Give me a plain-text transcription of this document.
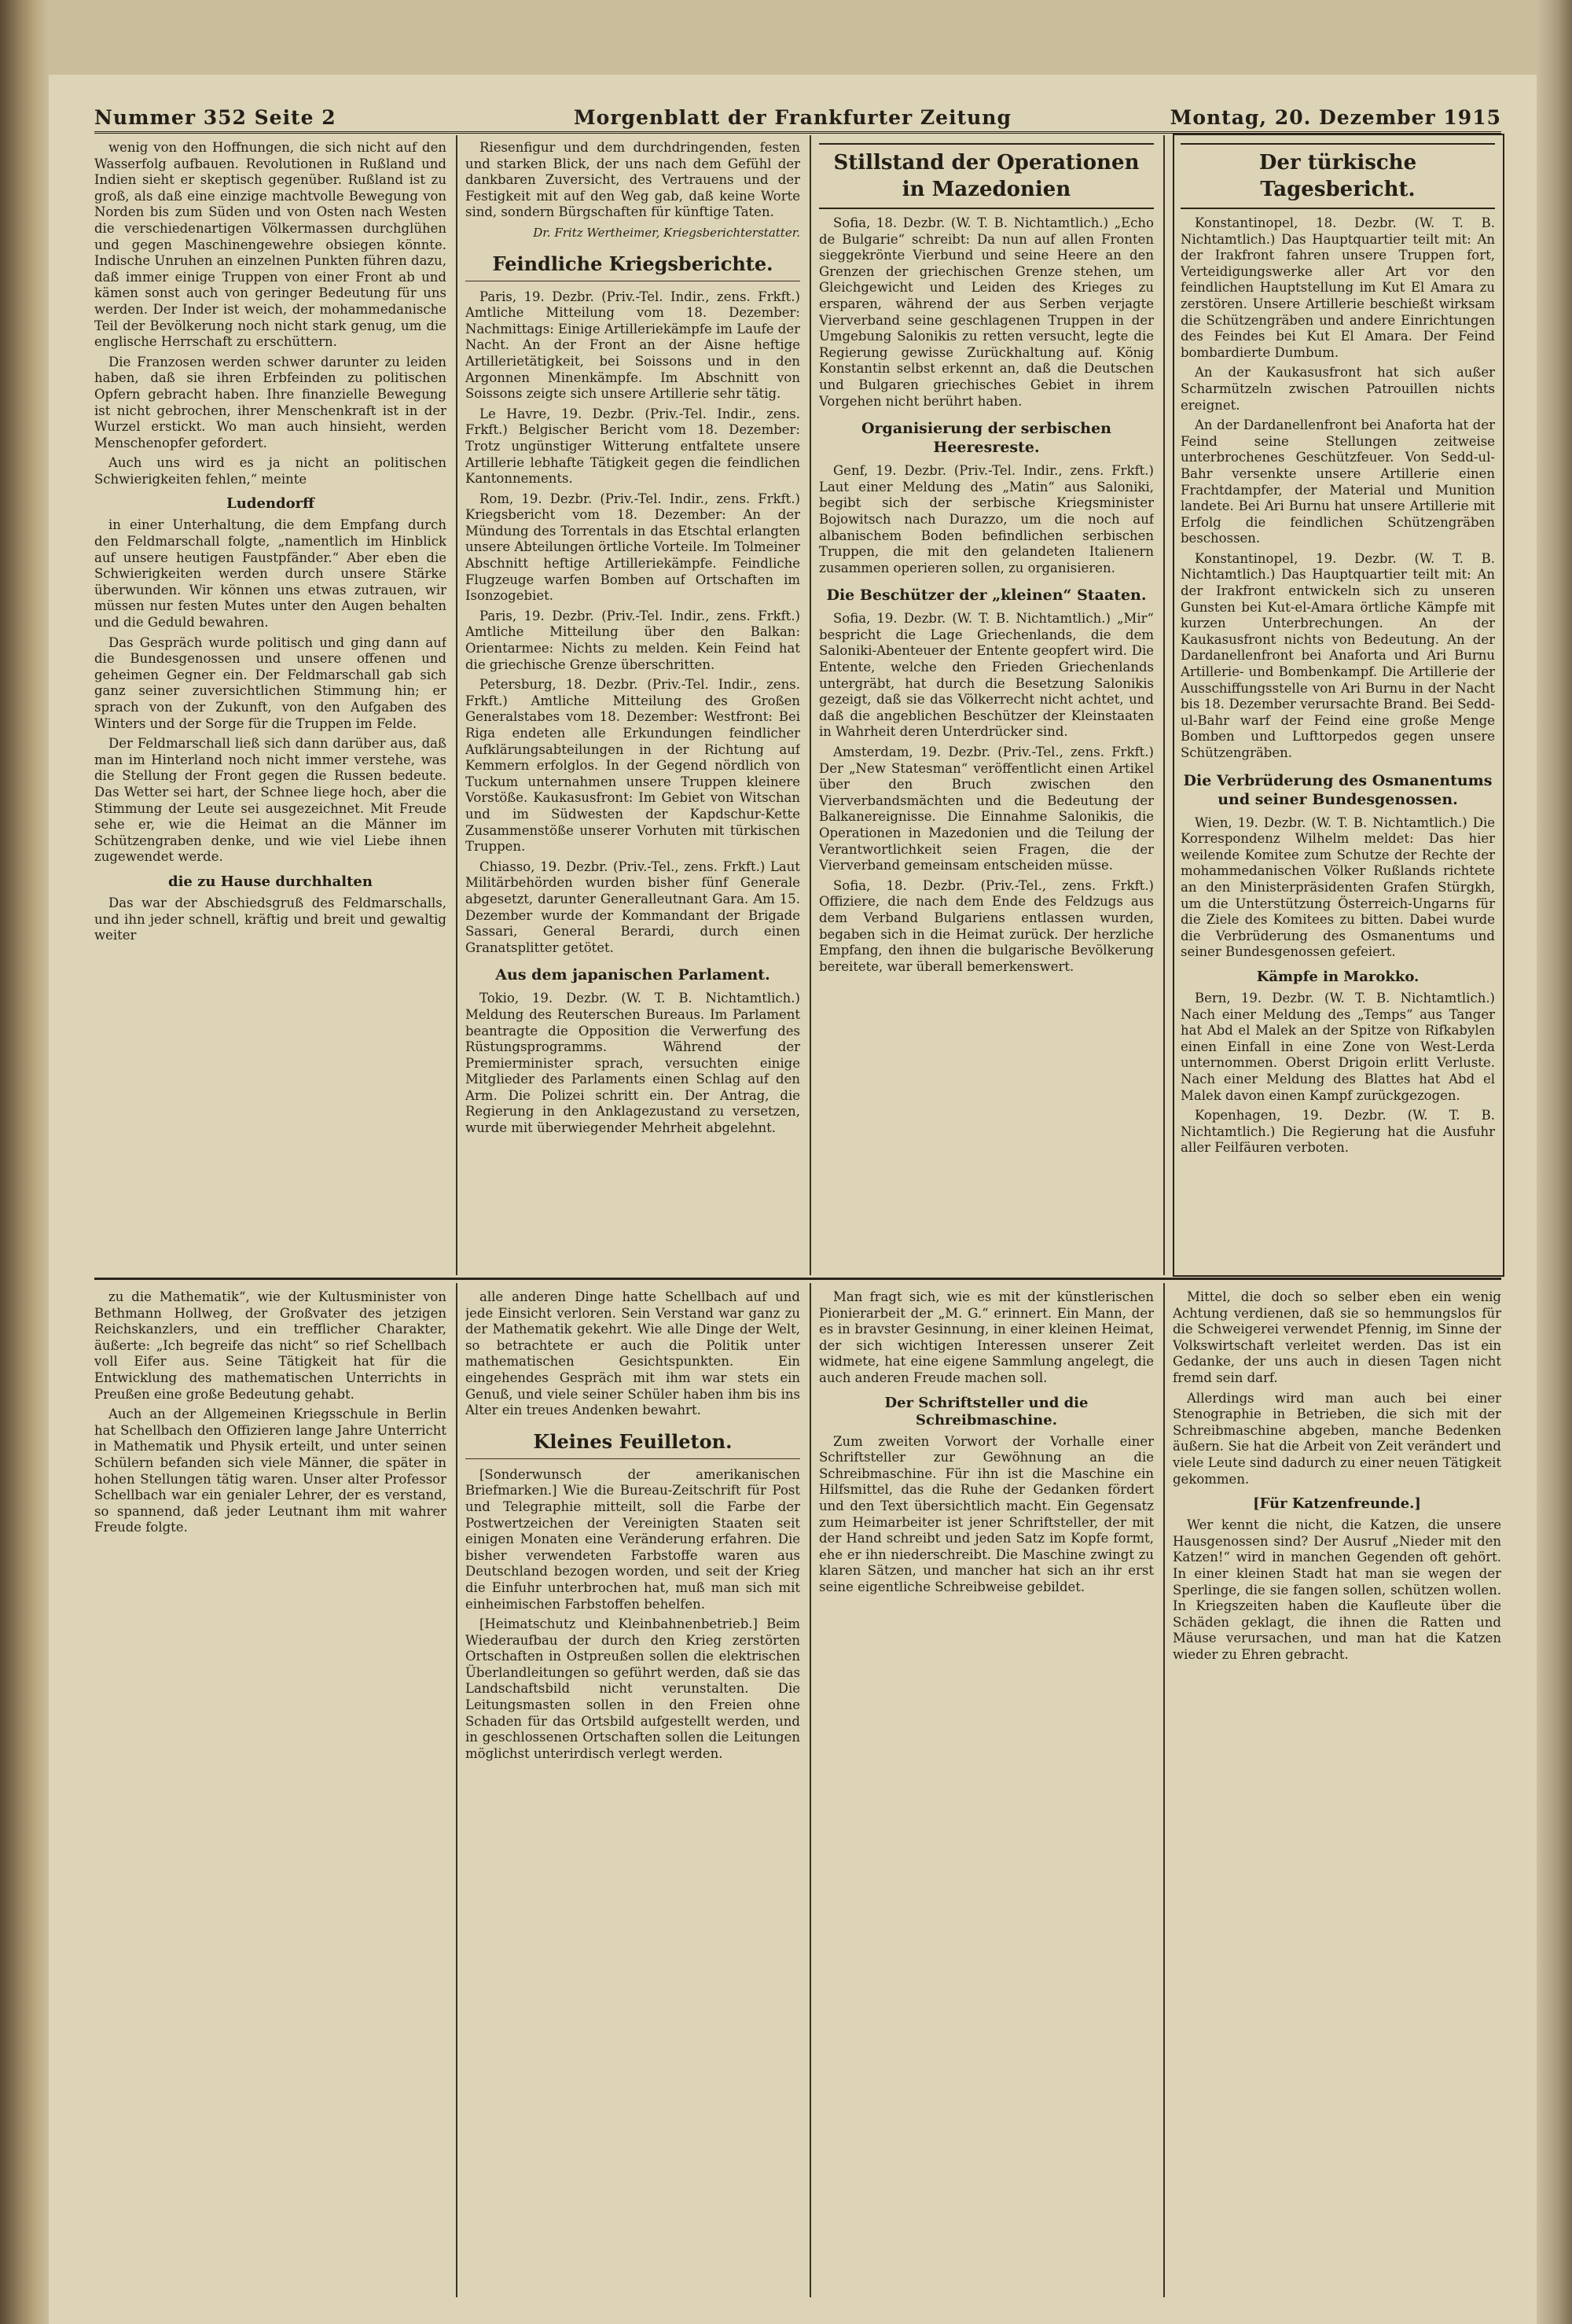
Nummer 352 Seite 2	Morgenblatt der Frankfurter Zeitung	Montag, 20. Dezember 1915

wenig von den Hoffnungen, die sich nicht auf den Wasserfolg aufbauen. Revolutionen in Rußland und Indien sieht er skeptisch gegenüber. Rußland ist zu groß, als daß eine einzige machtvolle Bewegung von Norden bis zum Süden und von Osten nach Westen die verschiedenartigen Völkermassen durchglühen und gegen Maschinengewehre obsiegen könnte. Indische Unruhen an einzelnen Punkten führen dazu, daß immer einige Truppen von einer Front ab und kämen sonst auch von geringer Bedeutung für uns werden. Der Inder ist weich, der mohammedanische Teil der Bevölkerung noch nicht stark genug, um die englische Herrschaft zu erschüttern.

Die Franzosen werden schwer darunter zu leiden haben, daß sie ihren Erbfeinden zu politischen Opfern gebracht haben. Ihre finanzielle Bewegung ist nicht gebrochen, ihrer Menschenkraft ist in der Wurzel erstickt. Wo man auch hinsieht, werden Menschenopfer gefordert.

Auch uns wird es ja nicht an politischen Schwierigkeiten fehlen,“ meinte

Ludendorff

in einer Unterhaltung, die dem Empfang durch den Feldmarschall folgte, „namentlich im Hinblick auf unsere heutigen Faustpfänder.“ Aber eben die Schwierigkeiten werden durch unsere Stärke überwunden. Wir können uns etwas zutrauen, wir müssen nur festen Mutes unter den Augen behalten und die Geduld bewahren.

Das Gespräch wurde politisch und ging dann auf die Bundesgenossen und unsere offenen und geheimen Gegner ein. Der Feldmarschall gab sich ganz seiner zuversichtlichen Stimmung hin; er sprach von der Zukunft, von den Aufgaben des Winters und der Sorge für die Truppen im Felde.

Der Feldmarschall ließ sich dann darüber aus, daß man im Hinterland noch nicht immer verstehe, was die Stellung der Front gegen die Russen bedeute. Das Wetter sei hart, der Schnee liege hoch, aber die Stimmung der Leute sei ausgezeichnet. Mit Freude sehe er, wie die Heimat an die Männer im Schützengraben denke, und wie viel Liebe ihnen zugewendet werde.

die zu Hause durchhalten

Das war der Abschiedsgruß des Feldmarschalls, und ihn jeder schnell, kräftig und breit und gewaltig weiter

Riesenfigur und dem durchdringenden, festen und starken Blick, der uns nach dem Gefühl der dankbaren Zuversicht, des Vertrauens und der Festigkeit mit auf den Weg gab, daß keine Worte sind, sondern Bürgschaften für künftige Taten.

Dr. Fritz Wertheimer, Kriegsberichterstatter.

Feindliche Kriegsberichte.

Paris, 19. Dezbr. (Priv.-Tel. Indir., zens. Frkft.) Amtliche Mitteilung vom 18. Dezember: Nachmittags: Einige Artilleriekämpfe im Laufe der Nacht. An der Front an der Aisne heftige Artillerietätigkeit, bei Soissons und in den Argonnen Minenkämpfe. Im Abschnitt von Soissons zeigte sich unsere Artillerie sehr tätig.

Le Havre, 19. Dezbr. (Priv.-Tel. Indir., zens. Frkft.) Belgischer Bericht vom 18. Dezember: Trotz ungünstiger Witterung entfaltete unsere Artillerie lebhafte Tätigkeit gegen die feindlichen Kantonnements.

Rom, 19. Dezbr. (Priv.-Tel. Indir., zens. Frkft.) Kriegsbericht vom 18. Dezember: An der Mündung des Torrentals in das Etschtal erlangten unsere Abteilungen örtliche Vorteile. Im Tolmeiner Abschnitt heftige Artilleriekämpfe. Feindliche Flugzeuge warfen Bomben auf Ortschaften im Isonzogebiet.

Paris, 19. Dezbr. (Priv.-Tel. Indir., zens. Frkft.) Amtliche Mitteilung über den Balkan: Orientarmee: Nichts zu melden. Kein Feind hat die griechische Grenze überschritten.

Petersburg, 18. Dezbr. (Priv.-Tel. Indir., zens. Frkft.) Amtliche Mitteilung des Großen Generalstabes vom 18. Dezember: Westfront: Bei Riga endeten alle Erkundungen feindlicher Aufklärungsabteilungen in der Richtung auf Kemmern erfolglos. In der Gegend nördlich von Tuckum unternahmen unsere Truppen kleinere Vorstöße. Kaukasusfront: Im Gebiet von Witschan und im Südwesten der Kapdschur-Kette Zusammenstöße unserer Vorhuten mit türkischen Truppen.

Chiasso, 19. Dezbr. (Priv.-Tel., zens. Frkft.) Laut Militärbehörden wurden bisher fünf Generale abgesetzt, darunter Generalleutnant Gara. Am 15. Dezember wurde der Kommandant der Brigade Sassari, General Berardi, durch einen Granatsplitter getötet.

Aus dem japanischen Parlament.

Tokio, 19. Dezbr. (W. T. B. Nichtamtlich.) Meldung des Reuterschen Bureaus. Im Parlament beantragte die Opposition die Verwerfung des Rüstungsprogramms. Während der Premierminister sprach, versuchten einige Mitglieder des Parlaments einen Schlag auf den Arm. Die Polizei schritt ein. Der Antrag, die Regierung in den Anklagezustand zu versetzen, wurde mit überwiegender Mehrheit abgelehnt.

Stillstand der Operationen in Mazedonien

Sofia, 18. Dezbr. (W. T. B. Nichtamtlich.) „Echo de Bulgarie“ schreibt: Da nun auf allen Fronten sieggekrönte Vierbund und seine Heere an den Grenzen der griechischen Grenze stehen, um Gleichgewicht und Leiden des Krieges zu ersparen, während der aus Serben verjagte Vierverband seine geschlagenen Truppen in der Umgebung Salonikis zu retten versucht, legte die Regierung gewisse Zurückhaltung auf. König Konstantin selbst erkennt an, daß die Deutschen und Bulgaren griechisches Gebiet in ihrem Vorgehen nicht berührt haben.

Organisierung der serbischen Heeresreste.

Genf, 19. Dezbr. (Priv.-Tel. Indir., zens. Frkft.) Laut einer Meldung des „Matin“ aus Saloniki, begibt sich der serbische Kriegsminister Bojowitsch nach Durazzo, um die noch auf albanischem Boden befindlichen serbischen Truppen, die mit den gelandeten Italienern zusammen operieren sollen, zu organisieren.

Die Beschützer der „kleinen“ Staaten.

Sofia, 19. Dezbr. (W. T. B. Nichtamtlich.) „Mir“ bespricht die Lage Griechenlands, die dem Saloniki-Abenteuer der Entente geopfert wird. Die Entente, welche den Frieden Griechenlands untergräbt, hat durch die Besetzung Salonikis gezeigt, daß sie das Völkerrecht nicht achtet, und daß die angeblichen Beschützer der Kleinstaaten in Wahrheit deren Unterdrücker sind.

Amsterdam, 19. Dezbr. (Priv.-Tel., zens. Frkft.) Der „New Statesman“ veröffentlicht einen Artikel über den Bruch zwischen den Vierverbandsmächten und die Bedeutung der Balkanereignisse. Die Einnahme Salonikis, die Operationen in Mazedonien und die Teilung der Verantwortlichkeit seien Fragen, die der Vierverband gemeinsam entscheiden müsse.

Sofia, 18. Dezbr. (Priv.-Tel., zens. Frkft.) Offiziere, die nach dem Ende des Feldzugs aus dem Verband Bulgariens entlassen wurden, begaben sich in die Heimat zurück. Der herzliche Empfang, den ihnen die bulgarische Bevölkerung bereitete, war überall bemerkenswert.

Der türkische Tagesbericht.

Konstantinopel, 18. Dezbr. (W. T. B. Nichtamtlich.) Das Hauptquartier teilt mit: An der Irakfront fahren unsere Truppen fort, Verteidigungswerke aller Art vor den feindlichen Hauptstellung im Kut El Amara zu zerstören. Unsere Artillerie beschießt wirksam die Schützengräben und andere Einrichtungen des Feindes bei Kut El Amara. Der Feind bombardierte Dumbum.

An der Kaukasusfront hat sich außer Scharmützeln zwischen Patrouillen nichts ereignet.

An der Dardanellenfront bei Anaforta hat der Feind seine Stellungen zeitweise unterbrochenes Geschützfeuer. Von Sedd-ul-Bahr versenkte unsere Artillerie einen Frachtdampfer, der Material und Munition landete. Bei Ari Burnu hat unsere Artillerie mit Erfolg die feindlichen Schützengräben beschossen.

Konstantinopel, 19. Dezbr. (W. T. B. Nichtamtlich.) Das Hauptquartier teilt mit: An der Irakfront entwickeln sich zu unseren Gunsten bei Kut-el-Amara örtliche Kämpfe mit kurzen Unterbrechungen. An der Kaukasusfront nichts von Bedeutung. An der Dardanellenfront bei Anaforta und Ari Burnu Artillerie- und Bombenkampf. Die Artillerie der Ausschiffungsstelle von Ari Burnu in der Nacht bis 18. Dezember verursachte Brand. Bei Sedd-ul-Bahr warf der Feind eine große Menge Bomben und Lufttorpedos gegen unsere Schützengräben.

Die Verbrüderung des Osmanentums und seiner Bundesgenossen.

Wien, 19. Dezbr. (W. T. B. Nichtamtlich.) Die Korrespondenz Wilhelm meldet: Das hier weilende Komitee zum Schutze der Rechte der mohammedanischen Völker Rußlands richtete an den Ministerpräsidenten Grafen Stürgkh, um die Unterstützung Österreich-Ungarns für die Ziele des Komitees zu bitten. Dabei wurde die Verbrüderung des Osmanentums und seiner Bundesgenossen gefeiert.

Kämpfe in Marokko.

Bern, 19. Dezbr. (W. T. B. Nichtamtlich.) Nach einer Meldung des „Temps“ aus Tanger hat Abd el Malek an der Spitze von Rifkabylen einen Einfall in eine Zone von West-Lerda unternommen. Oberst Drigoin erlitt Verluste. Nach einer Meldung des Blattes hat Abd el Malek davon einen Kampf zurückgezogen.

Kopenhagen, 19. Dezbr. (W. T. B. Nichtamtlich.) Die Regierung hat die Ausfuhr aller Feilfäuren verboten.

zu die Mathematik“, wie der Kultusminister von Bethmann Hollweg, der Großvater des jetzigen Reichskanzlers, und ein trefflicher Charakter, äußerte: „Ich begreife das nicht“ so rief Schellbach voll Eifer aus. Seine Tätigkeit hat für die Entwicklung des mathematischen Unterrichts in Preußen eine große Bedeutung gehabt.

Auch an der Allgemeinen Kriegsschule in Berlin hat Schellbach den Offizieren lange Jahre Unterricht in Mathematik und Physik erteilt, und unter seinen Schülern befanden sich viele Männer, die später in hohen Stellungen tätig waren. Unser alter Professor Schellbach war ein genialer Lehrer, der es verstand, so spannend, daß jeder Leutnant ihm mit wahrer Freude folgte.

alle anderen Dinge hatte Schellbach auf und jede Einsicht verloren. Sein Verstand war ganz zu der Mathematik gekehrt. Wie alle Dinge der Welt, so betrachtete er auch die Politik unter mathematischen Gesichtspunkten. Ein eingehendes Gespräch mit ihm war stets ein Genuß, und viele seiner Schüler haben ihm bis ins Alter ein treues Andenken bewahrt.

Kleines Feuilleton.

[Sonderwunsch der amerikanischen Briefmarken.] Wie die Bureau-Zeitschrift für Post und Telegraphie mitteilt, soll die Farbe der Postwertzeichen der Vereinigten Staaten seit einigen Monaten eine Veränderung erfahren. Die bisher verwendeten Farbstoffe waren aus Deutschland bezogen worden, und seit der Krieg die Einfuhr unterbrochen hat, muß man sich mit einheimischen Farbstoffen behelfen.

[Heimatschutz und Kleinbahnenbetrieb.] Beim Wiederaufbau der durch den Krieg zerstörten Ortschaften in Ostpreußen sollen die elektrischen Überlandleitungen so geführt werden, daß sie das Landschaftsbild nicht verunstalten. Die Leitungsmasten sollen in den Freien ohne Schaden für das Ortsbild aufgestellt werden, und in geschlossenen Ortschaften sollen die Leitungen möglichst unterirdisch verlegt werden.

Man fragt sich, wie es mit der künstlerischen Pionierarbeit der „M. G.“ erinnert. Ein Mann, der es in bravster Gesinnung, in einer kleinen Heimat, der sich wichtigen Interessen unserer Zeit widmete, hat eine eigene Sammlung angelegt, die auch anderen Freude machen soll.

Der Schriftsteller und die Schreibmaschine.

Zum zweiten Vorwort der Vorhalle einer Schriftsteller zur Gewöhnung an die Schreibmaschine. Für ihn ist die Maschine ein Hilfsmittel, das die Ruhe der Gedanken fördert und den Text übersichtlich macht. Ein Gegensatz zum Heimarbeiter ist jener Schriftsteller, der mit der Hand schreibt und jeden Satz im Kopfe formt, ehe er ihn niederschreibt. Die Maschine zwingt zu klaren Sätzen, und mancher hat sich an ihr erst seine eigentliche Schreibweise gebildet.

Mittel, die doch so selber eben ein wenig Achtung verdienen, daß sie so hemmungslos für die Schweigerei verwendet Pfennig, im Sinne der Volkswirtschaft verleitet werden. Das ist ein Gedanke, der uns auch in diesen Tagen nicht fremd sein darf.

Allerdings wird man auch bei einer Stenographie in Betrieben, die sich mit der Schreibmaschine abgeben, manche Bedenken äußern. Sie hat die Arbeit von Zeit verändert und viele Leute sind dadurch zu einer neuen Tätigkeit gekommen.

[Für Katzenfreunde.]

Wer kennt die nicht, die Katzen, die unsere Hausgenossen sind? Der Ausruf „Nieder mit den Katzen!“ wird in manchen Gegenden oft gehört. In einer kleinen Stadt hat man sie wegen der Sperlinge, die sie fangen sollen, schützen wollen. In Kriegszeiten haben die Kaufleute über die Schäden geklagt, die ihnen die Ratten und Mäuse verursachen, und man hat die Katzen wieder zu Ehren gebracht.
